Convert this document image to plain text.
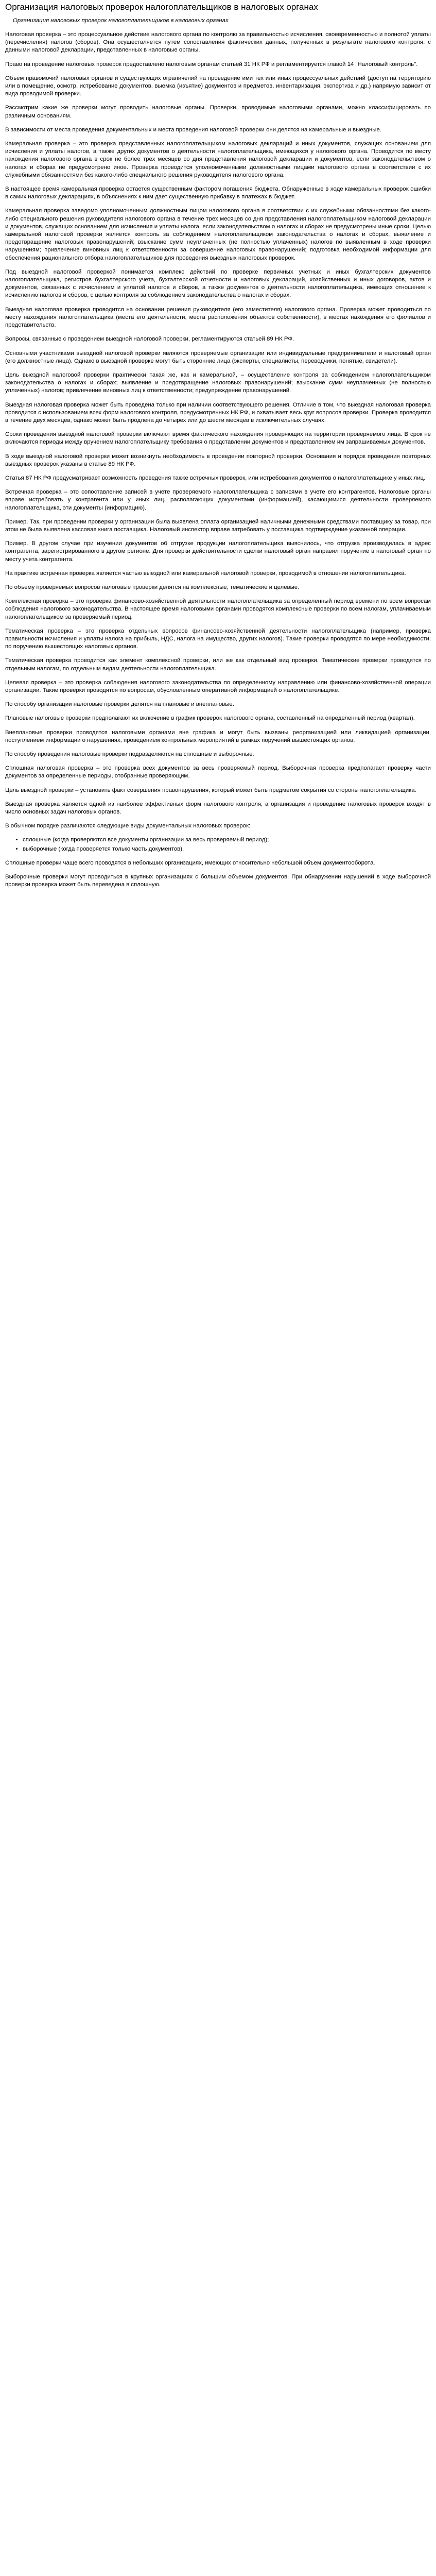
Организация налоговых проверок налогоплательщиков в налоговых органах
Организация налоговых проверок налогоплательщиков в налоговых органах

Налоговая проверка – это процессуальное действие налогового органа по контролю за правильностью исчисления, своевременностью и полнотой уплаты (перечисления) налогов (сборов). Она осуществляется путем сопоставления фактических данных, полученных в результате налогового контроля, с данными налоговой декларации, представленных в налоговые органы.

Право на проведение налоговых проверок предоставлено налоговым органам статьей 31 НК РФ и регламентируется главой 14 "Налоговый контроль".

Объем правомочий налоговых органов и существующих ограничений на проведение ими тех или иных процессуальных действий (доступ на территорию или в помещение, осмотр, истребование документов, выемка (изъятие) документов и предметов, инвентаризация, экспертиза и др.) напрямую зависит от вида проводимой проверки.

Рассмотрим какие же проверки могут проводить налоговые органы. Проверки, проводимые налоговыми органами, можно классифицировать по различным основаниям.

В зависимости от места проведения документальных и места проведения налоговой проверки они делятся на камеральные и выездные.

Камеральная проверка – это проверка представленных налогоплательщиком налоговых деклараций и иных документов, служащих основанием для исчисления и уплаты налогов, а также других документов о деятельности налогоплательщика, имеющихся у налогового органа. Проводится по месту нахождения налогового органа в срок не более трех месяцев со дня представления налоговой декларации и документов, если законодательством о налогах и сборах не предусмотрено иное. Проверка проводится уполномоченными должностными лицами налогового органа в соответствии с их служебными обязанностями без какого-либо специального решения руководителя налогового органа.

В настоящее время камеральная проверка остается существенным фактором погашения бюджета. Обнаруженные в ходе камеральных проверок ошибки в самих налоговых декларациях, в объяснениях к ним дает существенную прибавку в платежах в бюджет.

Камеральная проверка заведомо уполномоченным должностным лицом налогового органа в соответствии с их служебными обязанностями без какого-либо специального решения руководителя налогового органа в течение трех месяцев со дня представления налогоплательщиком налоговой декларации и документов, служащих основанием для исчисления и уплаты налога, если законодательством о налогах и сборах не предусмотрены иные сроки. Целью камеральной налоговой проверки является контроль за соблюдением налогоплательщиком законодательства о налогах и сборах, выявление и предотвращение налоговых правонарушений; взыскание сумм неуплаченных (не полностью уплаченных) налогов по выявленным в ходе проверки нарушениям; привлечение виновных лиц к ответственности за совершение налоговых правонарушений; подготовка необходимой информации для обеспечения рационального отбора налогоплательщиков для проведения выездных налоговых проверок.

Под выездной налоговой проверкой понимается комплекс действий по проверке первичных учетных и иных бухгалтерских документов налогоплательщика, регистров бухгалтерского учета, бухгалтерской отчетности и налоговых деклараций, хозяйственных и иных договоров, актов и документов, связанных с исчислением и уплатой налогов и сборов, а также документов о деятельности налогоплательщика, имеющих отношение к исчислению налогов и сборов, с целью контроля за соблюдением законодательства о налогах и сборах.

Выездная налоговая проверка проводится на основании решения руководителя (его заместителя) налогового органа. Проверка может проводиться по месту нахождения налогоплательщика (места его деятельности, места расположения объектов собственности), в местах нахождения его филиалов и представительств.

Вопросы, связанные с проведением выездной налоговой проверки, регламентируются статьей 89 НК РФ.

Основными участниками выездной налоговой проверки являются проверяемые организации или индивидуальные предприниматели и налоговый орган (его должностные лица). Однако в выездной проверке могут быть сторонние лица (эксперты, специалисты, переводчики, понятые, свидетели).

Цель выездной налоговой проверки практически такая же, как и камеральной, – осуществление контроля за соблюдением налогоплательщиком законодательства о налогах и сборах; выявление и предотвращение налоговых правонарушений; взыскание сумм неуплаченных (не полностью уплаченных) налогов; привлечение виновных лиц к ответственности; предупреждение правонарушений.

Выездная налоговая проверка может быть проведена только при наличии соответствующего решения. Отличие в том, что выездная налоговая проверка проводится с использованием всех форм налогового контроля, предусмотренных НК РФ, и охватывает весь круг вопросов проверки. Проверка проводится в течение двух месяцев, однако может быть продлена до четырех или до шести месяцев в исключительных случаях.

Сроки проведения выездной налоговой проверки включают время фактического нахождения проверяющих на территории проверяемого лица. В срок не включаются периоды между вручением налогоплательщику требования о представлении документов и представлением им запрашиваемых документов.

В ходе выездной налоговой проверки может возникнуть необходимость в проведении повторной проверки. Основания и порядок проведения повторных выездных проверок указаны в статье 89 НК РФ.

Статья 87 НК РФ предусматривает возможность проведения также встречных проверок, или истребования документов о налогоплательщике у иных лиц.

Встречная проверка – это сопоставление записей в учете проверяемого налогоплательщика с записями в учете его контрагентов. Налоговые органы вправе истребовать у контрагента или у иных лиц, располагающих документами (информацией), касающимися деятельности проверяемого налогоплательщика, эти документы (информацию).

Пример. Так, при проведении проверки у организации была выявлена оплата организацией наличными денежными средствами поставщику за товар, при этом не была выявлена кассовая книга поставщика. Налоговый инспектор вправе затребовать у поставщика подтверждение указанной операции.

Пример. В другом случае при изучении документов об отгрузке продукции налогоплательщика выяснилось, что отгрузка производилась в адрес контрагента, зарегистрированного в другом регионе. Для проверки действительности сделки налоговый орган направил поручение в налоговый орган по месту учета контрагента.

На практике встречная проверка является частью выездной или камеральной налоговой проверки, проводимой в отношении налогоплательщика.

По объему проверяемых вопросов налоговые проверки делятся на комплексные, тематические и целевые.

Комплексная проверка – это проверка финансово-хозяйственной деятельности налогоплательщика за определенный период времени по всем вопросам соблюдения налогового законодательства. В настоящее время налоговыми органами проводятся комплексные проверки по всем налогам, уплачиваемым налогоплательщиком за проверяемый период.

Тематическая проверка – это проверка отдельных вопросов финансово-хозяйственной деятельности налогоплательщика (например, проверка правильности исчисления и уплаты налога на прибыль, НДС, налога на имущество, других налогов). Такие проверки проводятся по мере необходимости, по поручению вышестоящих налоговых органов.

Тематическая проверка проводится как элемент комплексной проверки, или же как отдельный вид проверки. Тематические проверки проводятся по отдельным налогам, по отдельным видам деятельности налогоплательщика.

Целевая проверка – это проверка соблюдения налогового законодательства по определенному направлению или финансово-хозяйственной операции организации. Такие проверки проводятся по вопросам, обусловленным оперативной информацией о налогоплательщике.

По способу организации налоговые проверки делятся на плановые и внеплановые.

Плановые налоговые проверки предполагают их включение в график проверок налогового органа, составленный на определенный период (квартал).

Внеплановые проверки проводятся налоговыми органами вне графика и могут быть вызваны реорганизацией или ликвидацией организации, поступлением информации о нарушениях, проведением контрольных мероприятий в рамках поручений вышестоящих органов.

По способу проведения налоговые проверки подразделяются на сплошные и выборочные.

Сплошная налоговая проверка – это проверка всех документов за весь проверяемый период. Выборочная проверка предполагает проверку части документов за определенные периоды, отобранные проверяющим.

Цель выездной проверки – установить факт совершения правонарушения, который может быть предметом сокрытия со стороны налогоплательщика.

Выездная проверка является одной из наиболее эффективных форм налогового контроля, а организация и проведение налоговых проверок входят в число основных задач налоговых органов.

В обычном порядке различаются следующие виды документальных налоговых проверок:
• сплошные (когда проверяются все документы организации за весь проверяемый период);
• выборочные (когда проверяется только часть документов).

Сплошные проверки чаще всего проводятся в небольших организациях, имеющих относительно небольшой объем документооборота.

Выборочные проверки могут проводиться в крупных организациях с большим объемом документов. При обнаружении нарушений в ходе выборочной проверки проверка может быть переведена в сплошную.
